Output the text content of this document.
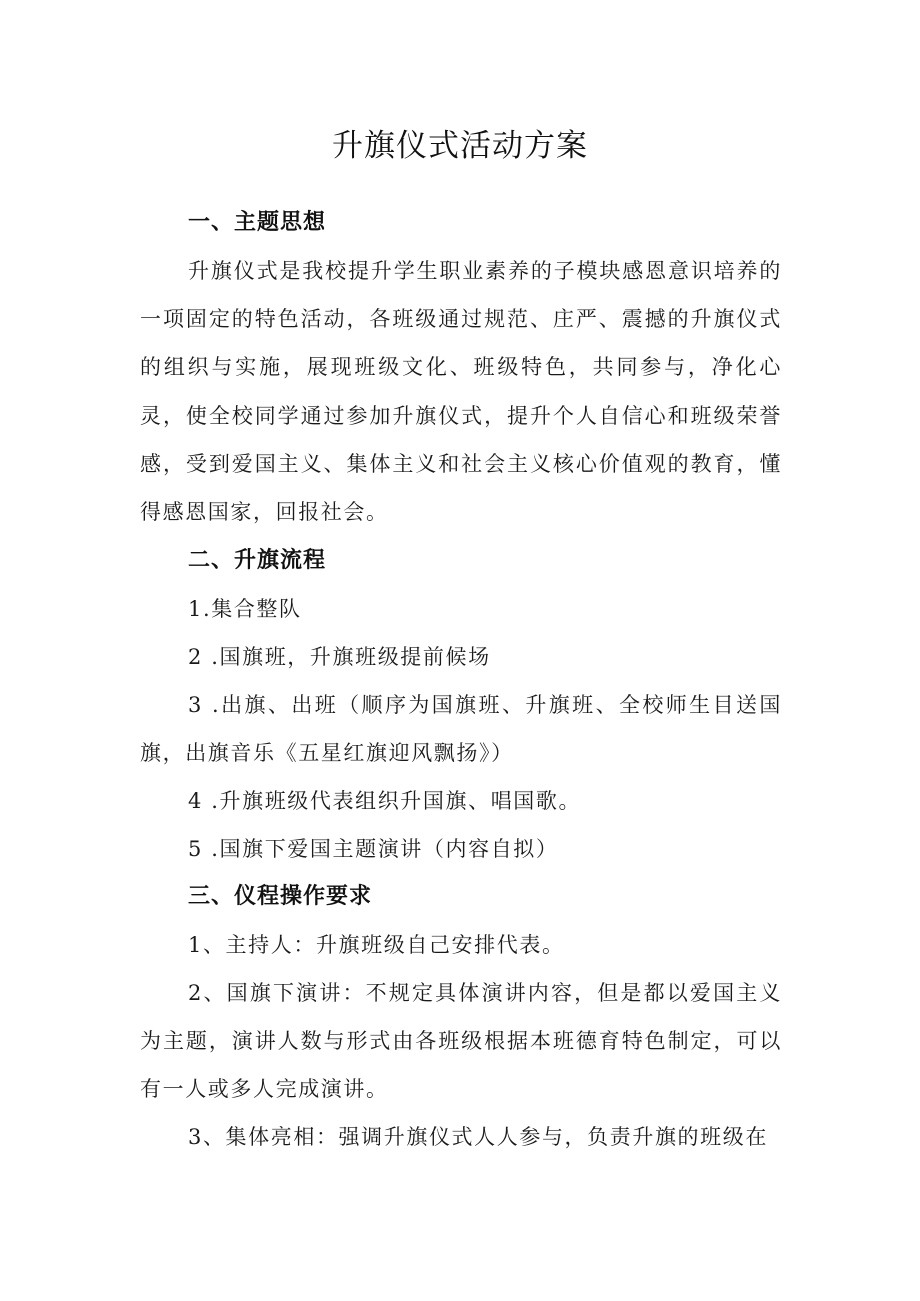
升旗仪式活动方案
一、主题思想

升旗仪式是我校提升学生职业素养的子模块感恩意识培养的一项固定的特色活动，各班级通过规范、庄严、震撼的升旗仪式的组织与实施，展现班级文化、班级特色，共同参与，净化心灵，使全校同学通过参加升旗仪式，提升个人自信心和班级荣誉感，受到爱国主义、集体主义和社会主义核心价值观的教育，懂得感恩国家，回报社会。

二、升旗流程
1.集合整队
2 .国旗班，升旗班级提前候场

3 .出旗、出班（顺序为国旗班、升旗班、全校师生目送国旗，出旗音乐《五星红旗迎风飘扬》）

4 .升旗班级代表组织升国旗、唱国歌。
5 .国旗下爱国主题演讲（内容自拟）
三、仪程操作要求
1、主持人：升旗班级自己安排代表。

2、国旗下演讲：不规定具体演讲内容，但是都以爱国主义为主题，演讲人数与形式由各班级根据本班德育特色制定，可以有一人或多人完成演讲。

3、集体亮相：强调升旗仪式人人参与，负责升旗的班级在
